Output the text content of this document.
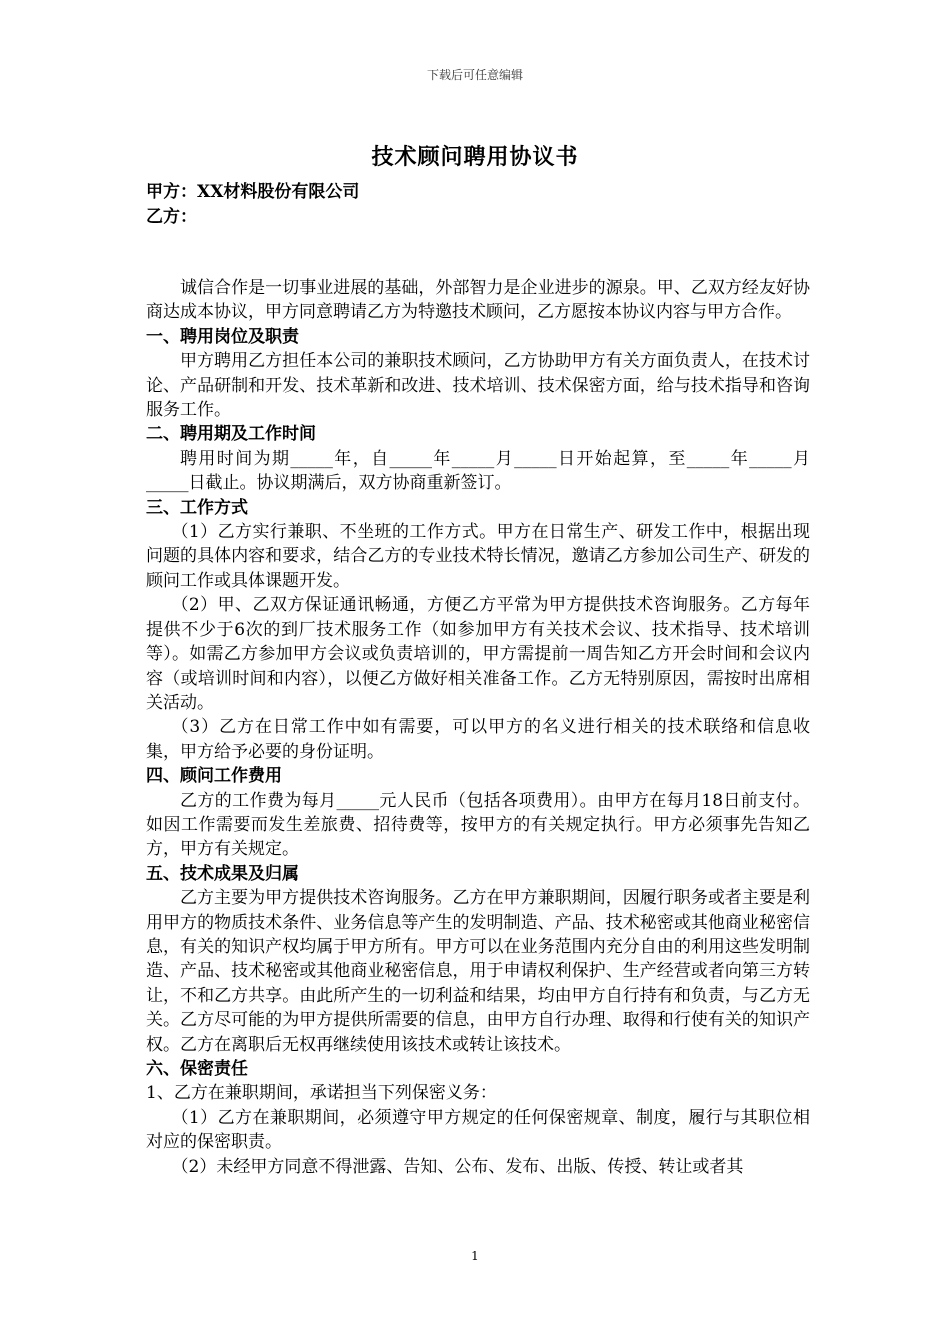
下载后可任意编辑
技术顾问聘用协议书
甲方：XX材料股份有限公司
乙方：

诚信合作是一切事业进展的基础，外部智力是企业进步的源泉。甲、乙双方经友好协商达成本协议，甲方同意聘请乙方为特邀技术顾问，乙方愿按本协议内容与甲方合作。

一、聘用岗位及职责

甲方聘用乙方担任本公司的兼职技术顾问，乙方协助甲方有关方面负责人，在技术讨论、产品研制和开发、技术革新和改进、技术培训、技术保密方面，给与技术指导和咨询服务工作。

二、聘用期及工作时间

聘用时间为期_____年，自_____年_____月_____日开始起算，至_____年_____月_____日截止。协议期满后，双方协商重新签订。

三、工作方式

（1）乙方实行兼职、不坐班的工作方式。甲方在日常生产、研发工作中，根据出现问题的具体内容和要求，结合乙方的专业技术特长情况，邀请乙方参加公司生产、研发的顾问工作或具体课题开发。

（2）甲、乙双方保证通讯畅通，方便乙方平常为甲方提供技术咨询服务。乙方每年提供不少于6次的到厂技术服务工作（如参加甲方有关技术会议、技术指导、技术培训等）。如需乙方参加甲方会议或负责培训的，甲方需提前一周告知乙方开会时间和会议内容（或培训时间和内容），以便乙方做好相关准备工作。乙方无特别原因，需按时出席相关活动。

（3）乙方在日常工作中如有需要，可以甲方的名义进行相关的技术联络和信息收集，甲方给予必要的身份证明。

四、顾问工作费用

乙方的工作费为每月_____元人民币（包括各项费用）。由甲方在每月18日前支付。如因工作需要而发生差旅费、招待费等，按甲方的有关规定执行。甲方必须事先告知乙方，甲方有关规定。

五、技术成果及归属

乙方主要为甲方提供技术咨询服务。乙方在甲方兼职期间，因履行职务或者主要是利用甲方的物质技术条件、业务信息等产生的发明制造、产品、技术秘密或其他商业秘密信息，有关的知识产权均属于甲方所有。甲方可以在业务范围内充分自由的利用这些发明制造、产品、技术秘密或其他商业秘密信息，用于申请权利保护、生产经营或者向第三方转让，不和乙方共享。由此所产生的一切利益和结果，均由甲方自行持有和负责，与乙方无关。乙方尽可能的为甲方提供所需要的信息，由甲方自行办理、取得和行使有关的知识产权。乙方在离职后无权再继续使用该技术或转让该技术。

六、保密责任

1、乙方在兼职期间，承诺担当下列保密义务：

（1）乙方在兼职期间，必须遵守甲方规定的任何保密规章、制度，履行与其职位相对应的保密职责。

（2）未经甲方同意不得泄露、告知、公布、发布、出版、传授、转让或者其

1
